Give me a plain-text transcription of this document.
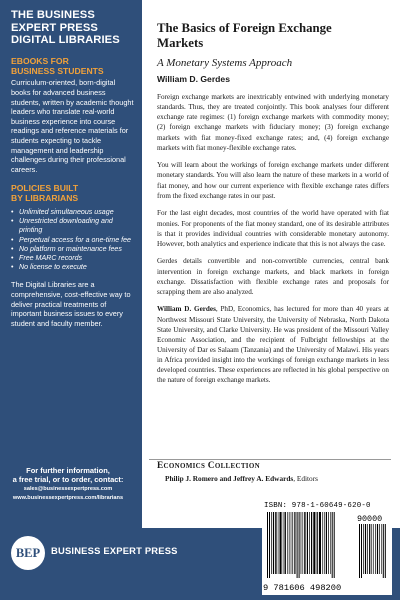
THE BUSINESS
EXPERT PRESS
DIGITAL LIBRARIES
EBOOKS FOR
BUSINESS STUDENTS

Curriculum-oriented, born-digital books for advanced business students, written by academic thought leaders who translate real-world business experience into course readings and reference materials for students expecting to tackle management and leadership challenges during their professional careers.

POLICIES BUILT
BY LIBRARIANS
• Unlimited simultaneous usage
• Unrestricted downloading and printing
• Perpetual access for a one-time fee
• No platform or maintenance fees
• Free MARC records
• No license to execute

The Digital Libraries are a comprehensive, cost-effective way to deliver practical treatments of important business issues to every student and faculty member.

For further information,
a free trial, or to order, contact:
sales@businessexpertpress.com
www.businessexpertpress.com/librarians
BEP	BUSINESS EXPERT PRESS
The Basics of Foreign Exchange
Markets
A Monetary Systems Approach
William D. Gerdes

Foreign exchange markets are inextricably entwined with underlying monetary standards. Thus, they are treated conjointly. This book analyses four different exchange rate regimes: (1) foreign exchange markets with commodity money; (2) foreign exchange markets with fiduciary money; (3) foreign exchange markets with fiat money-fixed exchange rates; and, (4) foreign exchange markets with fiat money-flexible exchange rates.

You will learn about the workings of foreign exchange markets under different monetary standards. You will also learn the nature of these markets in a world of fiat money, and how our current experience with flexible exchange rates differs from the fixed exchange rates in our past.

For the last eight decades, most countries of the world have operated with fiat monies. For proponents of the fiat money standard, one of its desirable attributes is that it provides individual countries with considerable monetary autonomy. However, both analytics and experience indicate that this is not always the case.

Gerdes details convertible and non-convertible currencies, central bank intervention in foreign exchange markets, and black markets in foreign exchange. Dissatisfaction with flexible exchange rates and proposals for scrapping them are also analyzed.

William D. Gerdes, PhD, Economics, has lectured for more than 40 years at Northwest Missouri State University, the University of Nebraska, North Dakota State University, and Clarke University. He was president of the Missouri Valley Economic Association, and the recipient of Fulbright fellowships at the University of Dar es Salaam (Tanzania) and the University of Malawi. His years in Africa provided insight into the workings of foreign exchange markets in less developed countries. These experiences are reflected in his global perspective on the nature of foreign exchange markets.

Economics Collection
Philip J. Romero and Jeffrey A. Edwards, Editors
ISBN: 978-1-60649-620-0
90000
9 781606 498200
